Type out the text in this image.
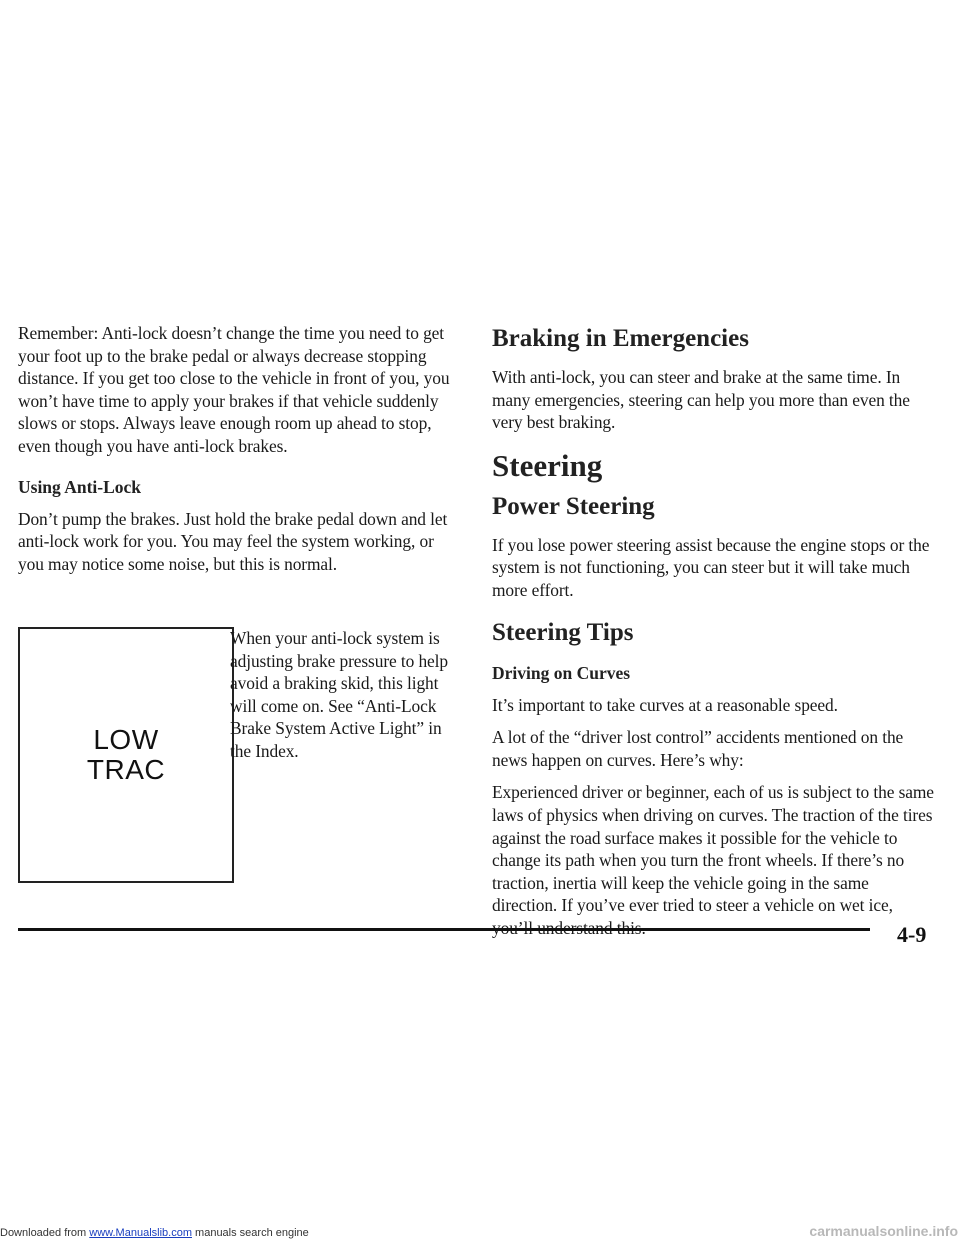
Remember: Anti-lock doesn’t change the time you need to get your foot up to the brake pedal or always decrease stopping distance. If you get too close to the vehicle in front of you, you won’t have time to apply your brakes if that vehicle suddenly slows or stops. Always leave enough room up ahead to stop, even though you have anti-lock brakes.

Using Anti-Lock

Don’t pump the brakes. Just hold the brake pedal down and let anti-lock work for you. You may feel the system working, or you may notice some noise, but this is normal.

LOW
TRAC

When your anti-lock system is adjusting brake pressure to help avoid a braking skid, this light will come on. See “Anti-Lock Brake System Active Light” in the Index.

Braking in Emergencies

With anti-lock, you can steer and brake at the same time. In many emergencies, steering can help you more than even the very best braking.

Steering
Power Steering

If you lose power steering assist because the engine stops or the system is not functioning, you can steer but it will take much more effort.

Steering Tips
Driving on Curves

It’s important to take curves at a reasonable speed.

A lot of the “driver lost control” accidents mentioned on the news happen on curves. Here’s why:

Experienced driver or beginner, each of us is subject to the same laws of physics when driving on curves. The traction of the tires against the road surface makes it possible for the vehicle to change its path when you turn the front wheels. If there’s no traction, inertia will keep the vehicle going in the same direction. If you’ve ever tried to steer a vehicle on wet ice,

4-9
Downloaded from www.Manualslib.com manuals search engine	carmanualsonline.info
